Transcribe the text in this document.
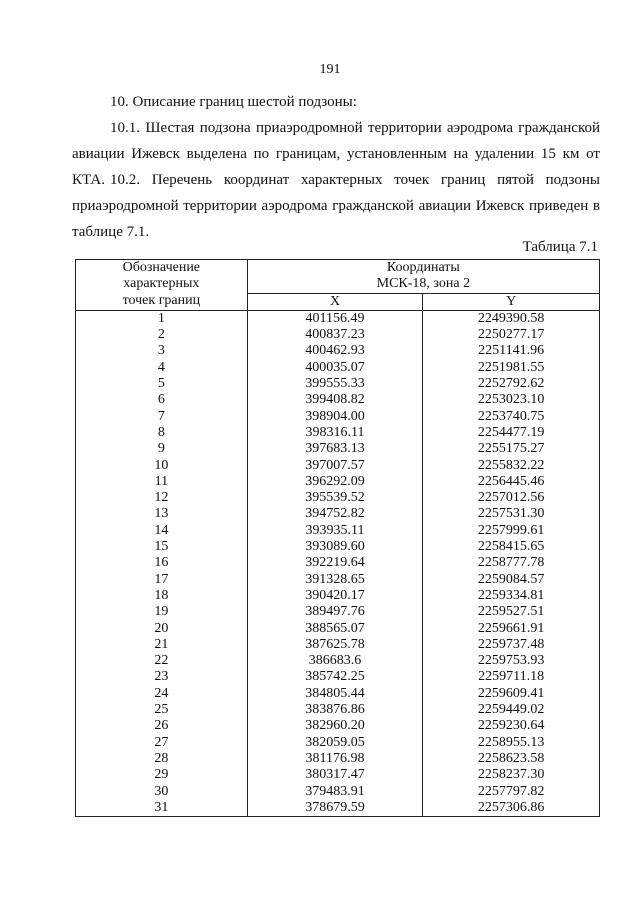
191
10. Описание границ шестой подзоны:
10.1. Шестая подзона приаэродромной территории аэродрома гражданской авиации Ижевск выделена по границам, установленным на удалении 15 км от КТА. 10.2. Перечень координат характерных точек границ пятой подзоны приаэродромной территории аэродрома гражданской авиации Ижевск приведен в таблице 7.1.
Таблица 7.1
Обозначение
характерных
точек границ	Координаты	

	МСК-18, зона 2	

	X	Y
1	401156.49	2249390.58
2	400837.23	2250277.17
3	400462.93	2251141.96
4	400035.07	2251981.55
5	399555.33	2252792.62
6	399408.82	2253023.10
7	398904.00	2253740.75
8	398316.11	2254477.19
9	397683.13	2255175.27
10	397007.57	2255832.22
11	396292.09	2256445.46
12	395539.52	2257012.56
13	394752.82	2257531.30
14	393935.11	2257999.61
15	393089.60	2258415.65
16	392219.64	2258777.78
17	391328.65	2259084.57
18	390420.17	2259334.81
19	389497.76	2259527.51
20	388565.07	2259661.91
21	387625.78	2259737.48
22	386683.6	2259753.93
23	385742.25	2259711.18
24	384805.44	2259609.41
25	383876.86	2259449.02
26	382960.20	2259230.64
27	382059.05	2258955.13
28	381176.98	2258623.58
29	380317.47	2258237.30
30	379483.91	2257797.82
31	378679.59	2257306.86
